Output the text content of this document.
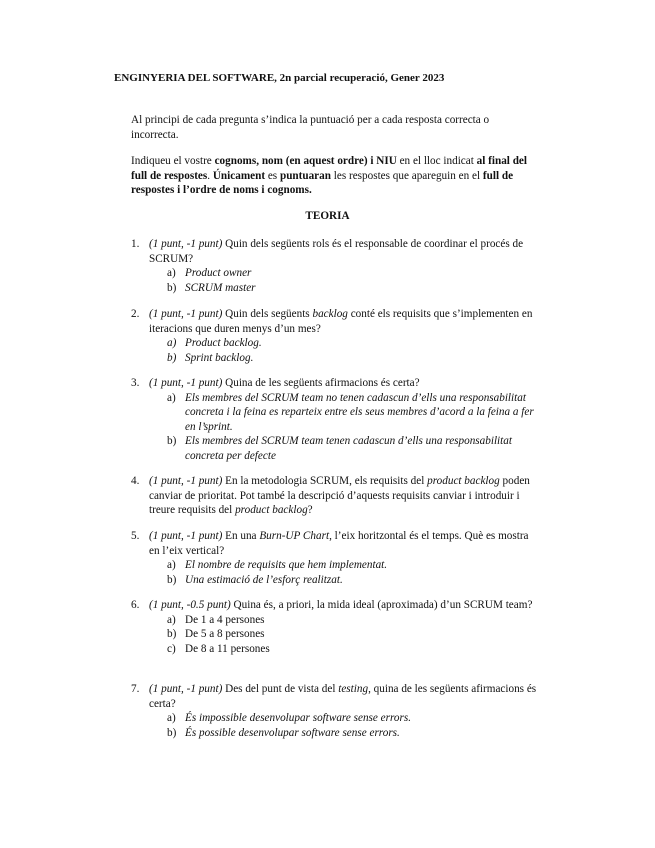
ENGINYERIA DEL SOFTWARE, 2n parcial recuperació, Gener 2023
Al principi de cada pregunta s’indica la puntuació per a cada resposta correcta o incorrecta.
Indiqueu el vostre cognoms, nom (en aquest ordre) i NIU en el lloc indicat al final del full de respostes. Únicament es puntuaran les respostes que apareguin en el full de respostes i l’ordre de noms i cognoms.
TEORIA
1. (1 punt, -1 punt) Quin dels següents rols és el responsable de coordinar el procés de SCRUM?
a) Product owner
b) SCRUM master
2. (1 punt, -1 punt) Quin dels següents backlog conté els requisits que s’implementen en iteracions que duren menys d’un mes?
a) Product backlog.
b) Sprint backlog.
3. (1 punt, -1 punt) Quina de les següents afirmacions és certa?
a) Els membres del SCRUM team no tenen cadascun d’ells una responsabilitat concreta i la feina es reparteix entre els seus membres d’acord a la feina a fer en l’sprint.
b) Els membres del SCRUM team tenen cadascun d’ells una responsabilitat concreta per defecte
4. (1 punt, -1 punt) En la metodologia SCRUM, els requisits del product backlog poden canviar de prioritat. Pot també la descripció d’aquests requisits canviar i introduir i treure requisits del product backlog?
5. (1 punt, -1 punt) En una Burn-UP Chart, l’eix horitzontal és el temps. Què es mostra en l’eix vertical?
a) El nombre de requisits que hem implementat.
b) Una estimació de l’esforç realitzat.
6. (1 punt, -0.5 punt) Quina és, a priori, la mida ideal (aproximada) d’un SCRUM team?
a) De 1 a 4 persones
b) De 5 a 8 persones
c) De 8 a 11 persones
7. (1 punt, -1 punt) Des del punt de vista del testing, quina de les següents afirmacions és certa?
a) És impossible desenvolupar software sense errors.
b) És possible desenvolupar software sense errors.
